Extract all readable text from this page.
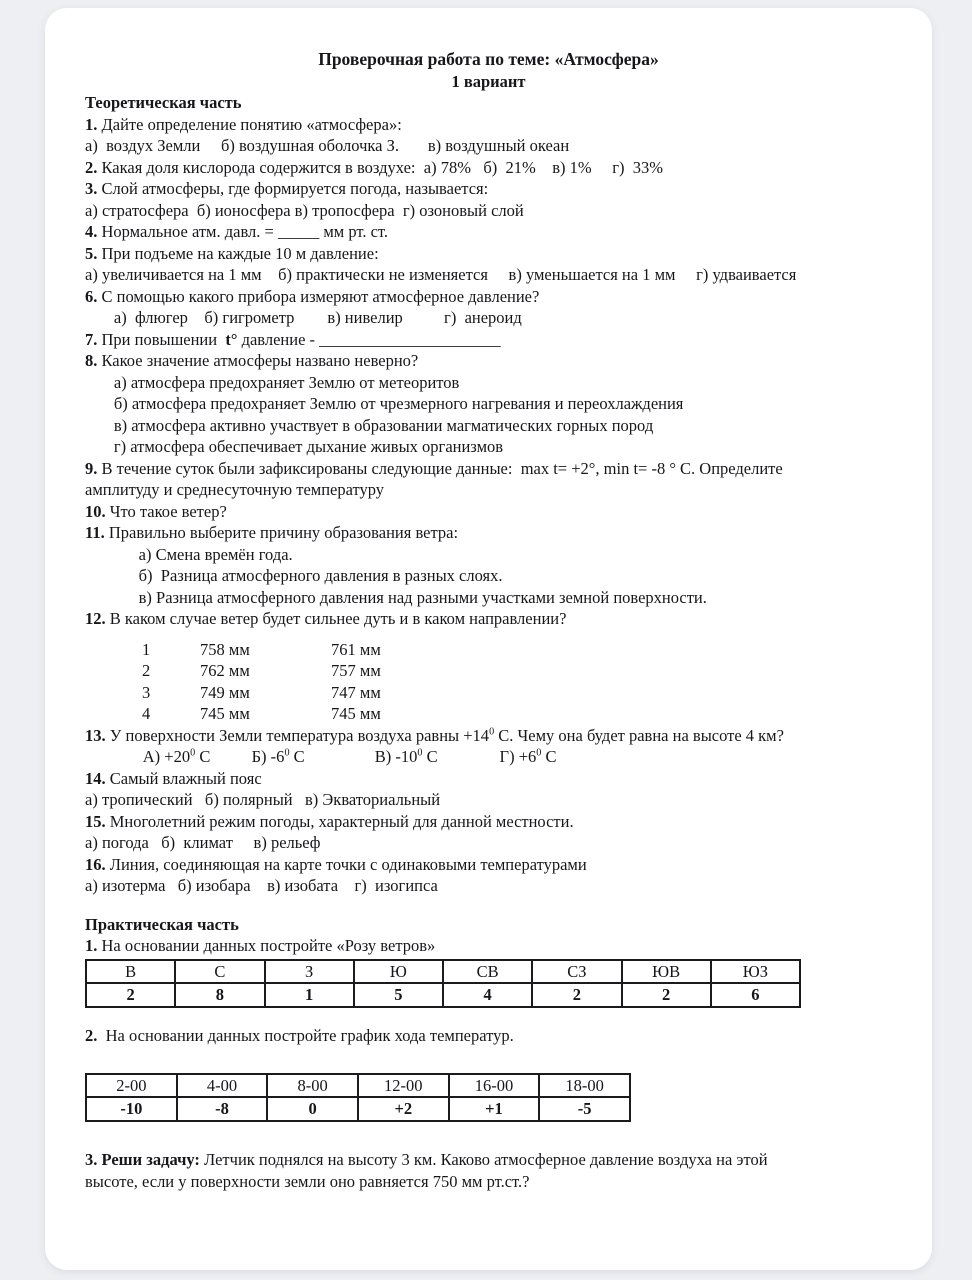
Проверочная работа по теме: «Атмосфера»
1 вариант
Теоретическая часть
1. Дайте определение понятию «атмосфера»:
а)  воздух Земли     б) воздушная оболочка З.       в) воздушный океан
2. Какая доля кислорода содержится в воздухе:  а) 78%   б)  21%    в) 1%     г)  33%
3. Слой атмосферы, где формируется погода, называется:
а) стратосфера  б) ионосфера в) тропосфера  г) озоновый слой
4. Нормальное атм. давл. = _____ мм рт. ст.
5. При подъеме на каждые 10 м давление:
а) увеличивается на 1 мм    б) практически не изменяется     в) уменьшается на 1 мм     г) удваивается
6. С помощью какого прибора измеряют атмосферное давление?
а)  флюгер    б) гигрометр        в) нивелир          г)  анероид
7. При повышении  t° давление - ______________________
8. Какое значение атмосферы названо неверно?
а) атмосфера предохраняет Землю от метеоритов
б) атмосфера предохраняет Землю от чрезмерного нагревания и переохлаждения
в) атмосфера активно участвует в образовании магматических горных пород
г) атмосфера обеспечивает дыхание живых организмов
9. В течение суток были зафиксированы следующие данные:  max t= +2°, min t= -8 ° С. Определите
амплитуду и среднесуточную температуру
10. Что такое ветер?
11. Правильно выберите причину образования ветра:
а) Смена времён года.
б)  Разница атмосферного давления в разных слоях.
в) Разница атмосферного давления над разными участками земной поверхности.
12. В каком случае ветер будет сильнее дуть и в каком направлении?
1	758 мм	761 мм
2	762 мм	757 мм
3	749 мм	747 мм
4	745 мм	745 мм
13. У поверхности Земли температура воздуха равны $+14^0$ С. Чему она будет равна на высоте 4 км?
$А) +20^0$ С          Б) $-6^0$ С                 В) $-10^0$ С               $Г) +6^0$ С
14. Самый влажный пояс
а) тропический   б) полярный   в) Экваториальный
15. Многолетний режим погоды, характерный для данной местности.
а) погода   б)  климат     в) рельеф
16. Линия, соединяющая на карте точки с одинаковыми температурами
а) изотерма   б) изобара    в) изобата    г)  изогипса
Практическая часть
1. На основании данных постройте «Розу ветров»
В	С	З	Ю	СВ	СЗ	ЮВ	ЮЗ
2	8	1	5	4	2	2	6
2.  На основании данных постройте график хода температур.
2-00	4-00	8-00	12-00	16-00	18-00
-10	-8	0	+2	+1	-5
3. Реши задачу: Летчик поднялся на высоту 3 км. Каково атмосферное давление воздуха на этой
высоте, если у поверхности земли оно равняется 750 мм рт.ст.?
